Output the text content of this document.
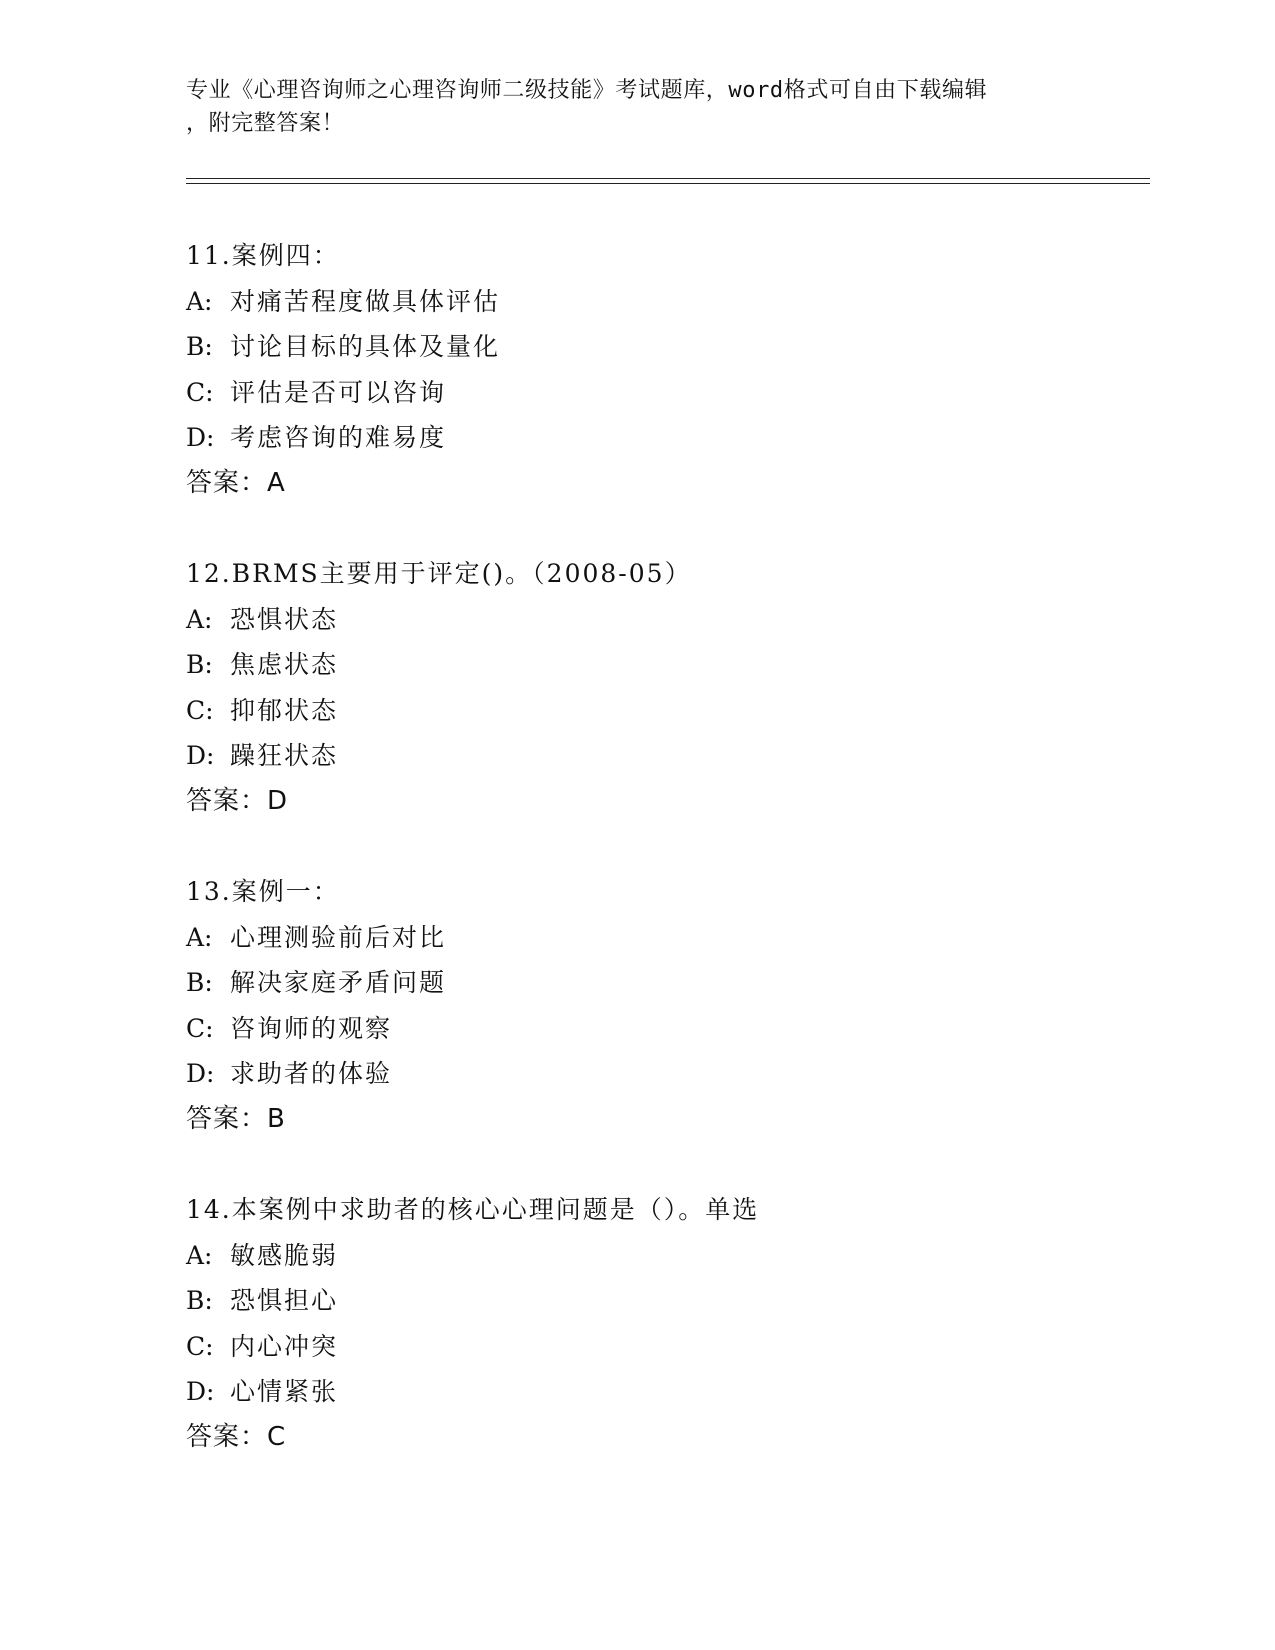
专业《心理咨询师之心理咨询师二级技能》考试题库，word格式可自由下载编辑
，附完整答案！
11.案例四：
A: 对痛苦程度做具体评估
B: 讨论目标的具体及量化
C: 评估是否可以咨询
D: 考虑咨询的难易度
答案：A
12.BRMS主要用于评定()。（2008-05）
A: 恐惧状态
B: 焦虑状态
C: 抑郁状态
D: 躁狂状态
答案：D
13.案例一：
A: 心理测验前后对比
B: 解决家庭矛盾问题
C: 咨询师的观察
D: 求助者的体验
答案：B
14.本案例中求助者的核心心理问题是（）。单选
A: 敏感脆弱
B: 恐惧担心
C: 内心冲突
D: 心情紧张
答案：C
